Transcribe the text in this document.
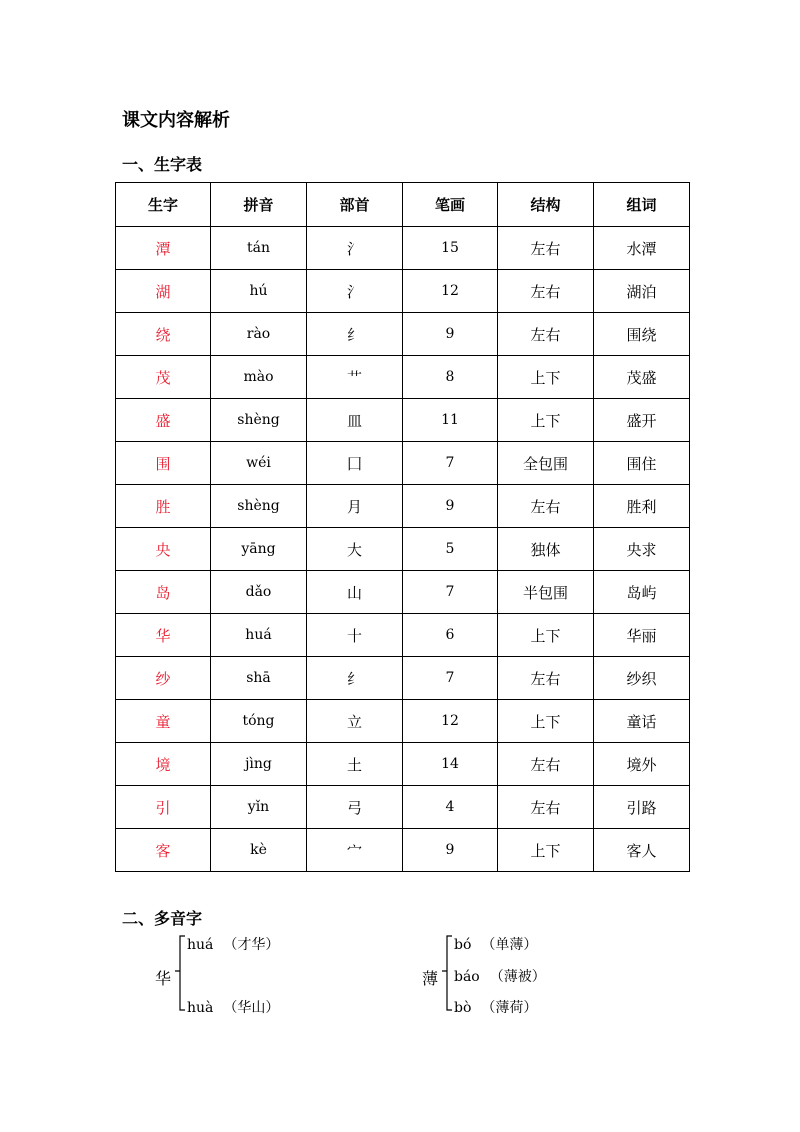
课文内容解析
一、生字表
生字	拼音	部首	笔画	结构	组词
潭	tán	氵	15	左右	水潭
湖	hú	氵	12	左右	湖泊
绕	rào	纟	9	左右	围绕
茂	mào	艹	8	上下	茂盛
盛	shèng	皿	11	上下	盛开
围	wéi	囗	7	全包围	围住
胜	shèng	月	9	左右	胜利
央	yāng	大	5	独体	央求
岛	dǎo	山	7	半包围	岛屿
华	huá	十	6	上下	华丽
纱	shā	纟	7	左右	纱织
童	tóng	立	12	上下	童话
境	jìng	土	14	左右	境外
引	yǐn	弓	4	左右	引路
客	kè	宀	9	上下	客人
二、多音字
华
huá （才华）
huà （华山）
薄
bó （单薄）
báo （薄被）
bò （薄荷）
